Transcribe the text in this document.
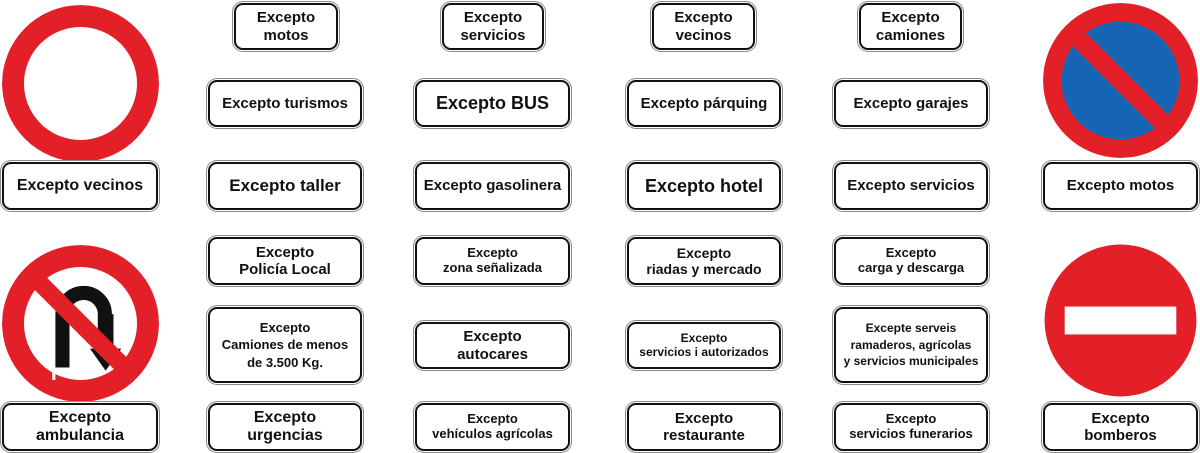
Excepto
motos
Excepto
servicios
Excepto
vecinos
Excepto
camiones
Excepto turismos	Excepto BUS	Excepto párquing	Excepto garajes
Excepto vecinos	Excepto taller	Excepto gasolinera	Excepto hotel	Excepto servicios	Excepto motos
Excepto
Policía Local
Excepto
zona señalizada
Excepto
riadas y mercado
Excepto
carga y descarga
Excepto
Camiones de menos
de 3.500 Kg.
Excepto
autocares
Excepto
servicios i autorizados
Excepte serveis
ramaderos, agrícolas
y servicios municipales
Excepto
ambulancia
Excepto
urgencias
Excepto
vehículos agrícolas
Excepto
restaurante
Excepto
servicios funerarios
Excepto
bomberos
